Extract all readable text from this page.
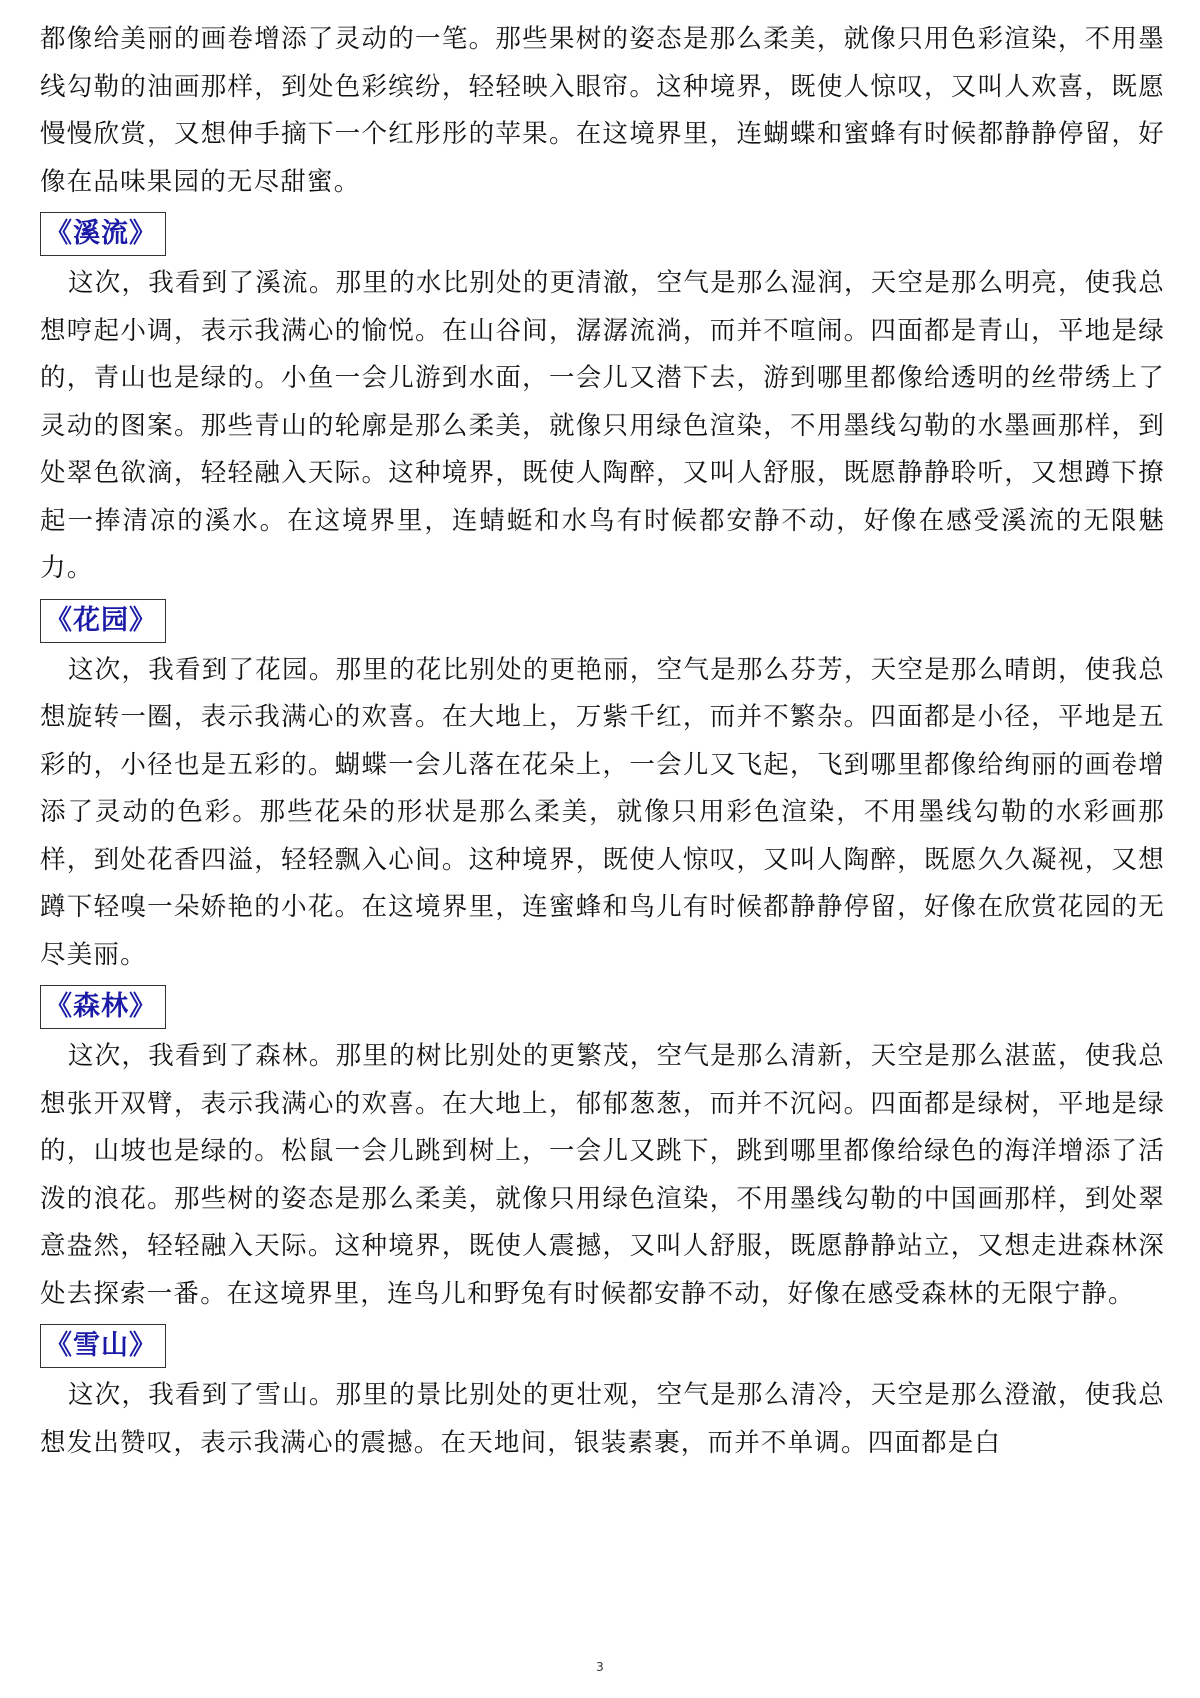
都像给美丽的画卷增添了灵动的一笔。那些果树的姿态是那么柔美，就像只用色彩渲染，不用墨线勾勒的油画那样，到处色彩缤纷，轻轻映入眼帘。这种境界，既使人惊叹，又叫人欢喜，既愿慢慢欣赏，又想伸手摘下一个红彤彤的苹果。在这境界里，连蝴蝶和蜜蜂有时候都静静停留，好像在品味果园的无尽甜蜜。

《溪流》

这次，我看到了溪流。那里的水比别处的更清澈，空气是那么湿润，天空是那么明亮，使我总想哼起小调，表示我满心的愉悦。在山谷间，潺潺流淌，而并不喧闹。四面都是青山，平地是绿的，青山也是绿的。小鱼一会儿游到水面，一会儿又潜下去，游到哪里都像给透明的丝带绣上了灵动的图案。那些青山的轮廓是那么柔美，就像只用绿色渲染，不用墨线勾勒的水墨画那样，到处翠色欲滴，轻轻融入天际。这种境界，既使人陶醉，又叫人舒服，既愿静静聆听，又想蹲下撩起一捧清凉的溪水。在这境界里，连蜻蜓和水鸟有时候都安静不动，好像在感受溪流的无限魅力。

《花园》

这次，我看到了花园。那里的花比别处的更艳丽，空气是那么芬芳，天空是那么晴朗，使我总想旋转一圈，表示我满心的欢喜。在大地上，万紫千红，而并不繁杂。四面都是小径，平地是五彩的，小径也是五彩的。蝴蝶一会儿落在花朵上，一会儿又飞起，飞到哪里都像给绚丽的画卷增添了灵动的色彩。那些花朵的形状是那么柔美，就像只用彩色渲染，不用墨线勾勒的水彩画那样，到处花香四溢，轻轻飘入心间。这种境界，既使人惊叹，又叫人陶醉，既愿久久凝视，又想蹲下轻嗅一朵娇艳的小花。在这境界里，连蜜蜂和鸟儿有时候都静静停留，好像在欣赏花园的无尽美丽。

《森林》

这次，我看到了森林。那里的树比别处的更繁茂，空气是那么清新，天空是那么湛蓝，使我总想张开双臂，表示我满心的欢喜。在大地上，郁郁葱葱，而并不沉闷。四面都是绿树，平地是绿的，山坡也是绿的。松鼠一会儿跳到树上，一会儿又跳下，跳到哪里都像给绿色的海洋增添了活泼的浪花。那些树的姿态是那么柔美，就像只用绿色渲染，不用墨线勾勒的中国画那样，到处翠意盎然，轻轻融入天际。这种境界，既使人震撼，又叫人舒服，既愿静静站立，又想走进森林深处去探索一番。在这境界里，连鸟儿和野兔有时候都安静不动，好像在感受森林的无限宁静。

《雪山》

这次，我看到了雪山。那里的景比别处的更壮观，空气是那么清冷，天空是那么澄澈，使我总想发出赞叹，表示我满心的震撼。在天地间，银装素裹，而并不单调。四面都是白

3
